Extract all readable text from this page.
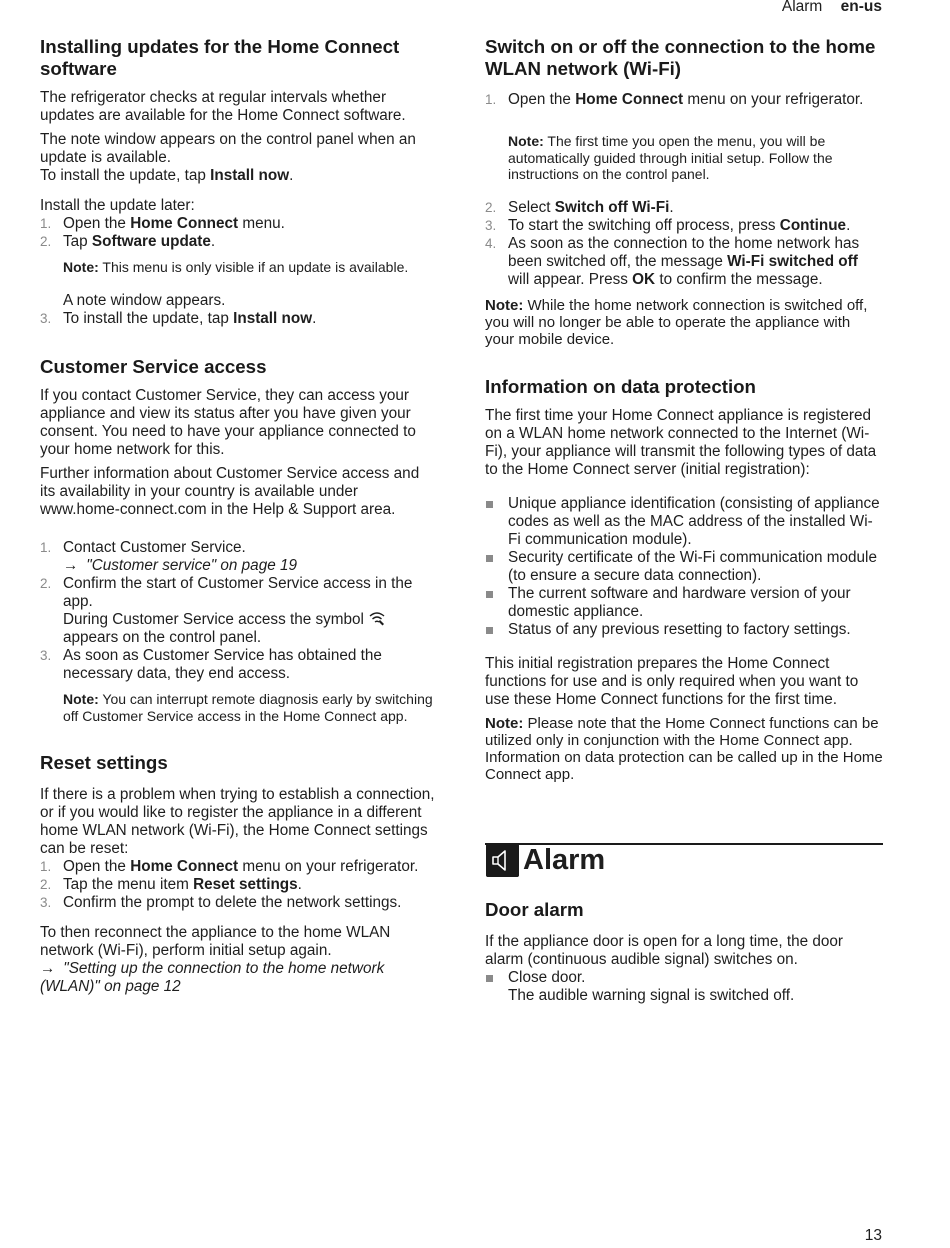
Alarm en-us
Installing updates for the Home Connect software

The refrigerator checks at regular intervals whether updates are available for the Home Connect software.

The note window appears on the control panel when an update is available.

To install the update, tap Install now.

Install the update later:

1. Open the Home Connect menu.
2. Tap Software update.

Note: This menu is only visible if an update is available.

A note window appears.

3. To install the update, tap Install now.
Customer Service access

If you contact Customer Service, they can access your appliance and view its status after you have given your consent. You need to have your appliance connected to your home network for this.

Further information about Customer Service access and its availability in your country is available under www.home-connect.com in the Help & Support area.

1. Contact Customer Service.
→ "Customer service" on page 19
2. Confirm the start of Customer Service access in the app.
During Customer Service access the symbol  appears on the control panel.
3. As soon as Customer Service has obtained the necessary data, they end access.

Note: You can interrupt remote diagnosis early by switching off Customer Service access in the Home Connect app.

Reset settings

If there is a problem when trying to establish a connection, or if you would like to register the appliance in a different home WLAN network (Wi-Fi), the Home Connect settings can be reset:

1. Open the Home Connect menu on your refrigerator.
2. Tap the menu item Reset settings.
3. Confirm the prompt to delete the network settings.

To then reconnect the appliance to the home WLAN network (Wi-Fi), perform initial setup again.

→ "Setting up the connection to the home network (WLAN)" on page 12

Switch on or off the connection to the home WLAN network (Wi-Fi)
1. Open the Home Connect menu on your refrigerator.

Note: The first time you open the menu, you will be automatically guided through initial setup. Follow the instructions on the control panel.

2. Select Switch off Wi-Fi.
3. To start the switching off process, press Continue.
4. As soon as the connection to the home network has been switched off, the message Wi-Fi switched off will appear. Press OK to confirm the message.

Note: While the home network connection is switched off, you will no longer be able to operate the appliance with your mobile device.

Information on data protection

The first time your Home Connect appliance is registered on a WLAN home network connected to the Internet (Wi-Fi), your appliance will transmit the following types of data to the Home Connect server (initial registration):

Unique appliance identification (consisting of appliance codes as well as the MAC address of the installed Wi-Fi communication module).
Security certificate of the Wi-Fi communication module (to ensure a secure data connection).
The current software and hardware version of your domestic appliance.
Status of any previous resetting to factory settings.

This initial registration prepares the Home Connect functions for use and is only required when you want to use these Home Connect functions for the first time.

Note: Please note that the Home Connect functions can be utilized only in conjunction with the Home Connect app. Information on data protection can be called up in the Home Connect app.

Alarm
Door alarm

If the appliance door is open for a long time, the door alarm (continuous audible signal) switches on.

Close door.
The audible warning signal is switched off.
13
